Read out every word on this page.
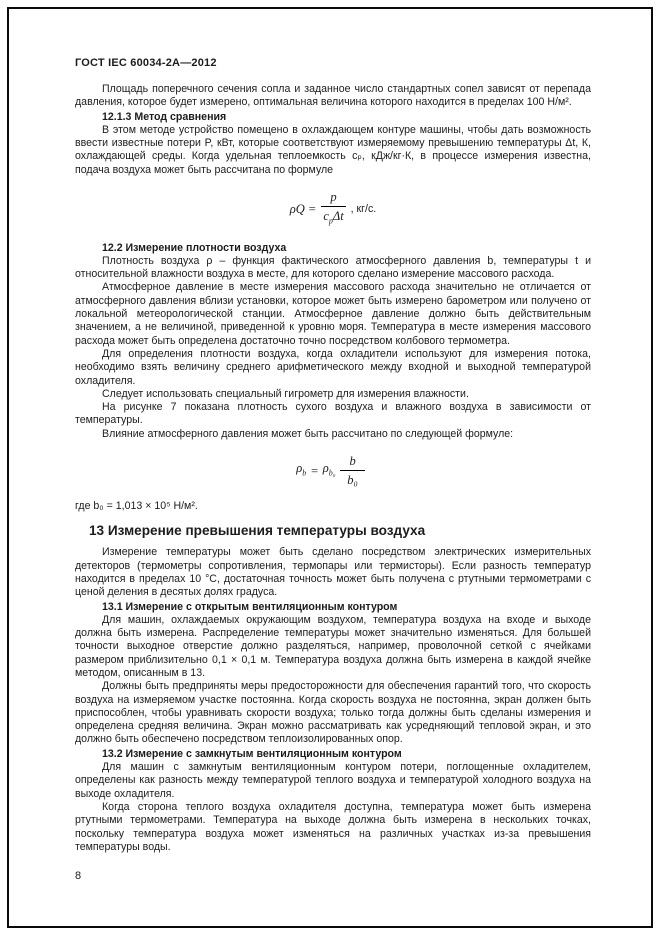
ГОСТ IEC 60034-2А—2012

Площадь поперечного сечения сопла и заданное число стандартных сопел зависят от перепада давления, которое будет измерено, оптимальная величина которого находится в пределах 100 Н/м².

12.1.3 Метод сравнения

В этом методе устройство помещено в охлаждающем контуре машины, чтобы дать возможность ввести известные потери P, кВт, которые соответствуют измеряемому превышению температуры Δt, К, охлаждающей среды. Когда удельная теплоемкость cₚ, кДж/кг·К, в процессе измерения известна, подача воздуха может быть рассчитана по формуле

$\rho Q = \frac{p}{c_p\Delta t}$ , кг/с.

12.2 Измерение плотности воздуха

Плотность воздуха ρ – функция фактического атмосферного давления b, температуры t и относительной влажности воздуха в месте, для которого сделано измерение массового расхода.

Атмосферное давление в месте измерения массового расхода значительно не отличается от атмосферного давления вблизи установки, которое может быть измерено барометром или получено от локальной метеорологической станции. Атмосферное давление должно быть действительным значением, а не величиной, приведенной к уровню моря. Температура в месте измерения массового расхода может быть определена достаточно точно посредством колбового термометра.

Для определения плотности воздуха, когда охладители используют для измерения потока, необходимо взять величину среднего арифметического между входной и выходной температурой охладителя.

Следует использовать специальный гигрометр для измерения влажности.

На рисунке 7 показана плотность сухого воздуха и влажного воздуха в зависимости от температуры.

Влияние атмосферного давления может быть рассчитано по следующей формуле:

$\rho_b = \rho_{b_0} \frac{b}{\text{b₀}}$

где b₀ = 1,013 × 10⁵ Н/м².

13 Измерение превышения температуры воздуха

Измерение температуры может быть сделано посредством электрических измерительных детекторов (термометры сопротивления, термопары или термисторы). Если разность температур находится в пределах 10 °С, достаточная точность может быть получена с ртутными термометрами с ценой деления в десятых долях градуса.

13.1 Измерение с открытым вентиляционным контуром

Для машин, охлаждаемых окружающим воздухом, температура воздуха на входе и выходе должна быть измерена. Распределение температуры может значительно изменяться. Для большей точности выходное отверстие должно разделяться, например, проволочной сеткой с ячейками размером приблизительно 0,1 × 0,1 м. Температура воздуха должна быть измерена в каждой ячейке методом, описанным в 13.

Должны быть предприняты меры предосторожности для обеспечения гарантий того, что скорость воздуха на измеряемом участке постоянна. Когда скорость воздуха не постоянна, экран должен быть приспособлен, чтобы уравнивать скорости воздуха; только тогда должны быть сделаны измерения и определена средняя величина. Экран можно рассматривать как усредняющий тепловой экран, и это должно быть обеспечено посредством теплоизолированных опор.

13.2 Измерение с замкнутым вентиляционным контуром

Для машин с замкнутым вентиляционным контуром потери, поглощенные охладителем, определены как разность между температурой теплого воздуха и температурой холодного воздуха на выходе охладителя.

Когда сторона теплого воздуха охладителя доступна, температура может быть измерена ртутными термометрами. Температура на выходе должна быть измерена в нескольких точках, поскольку температура воздуха может изменяться на различных участках из-за превышения температуры воды.

8
